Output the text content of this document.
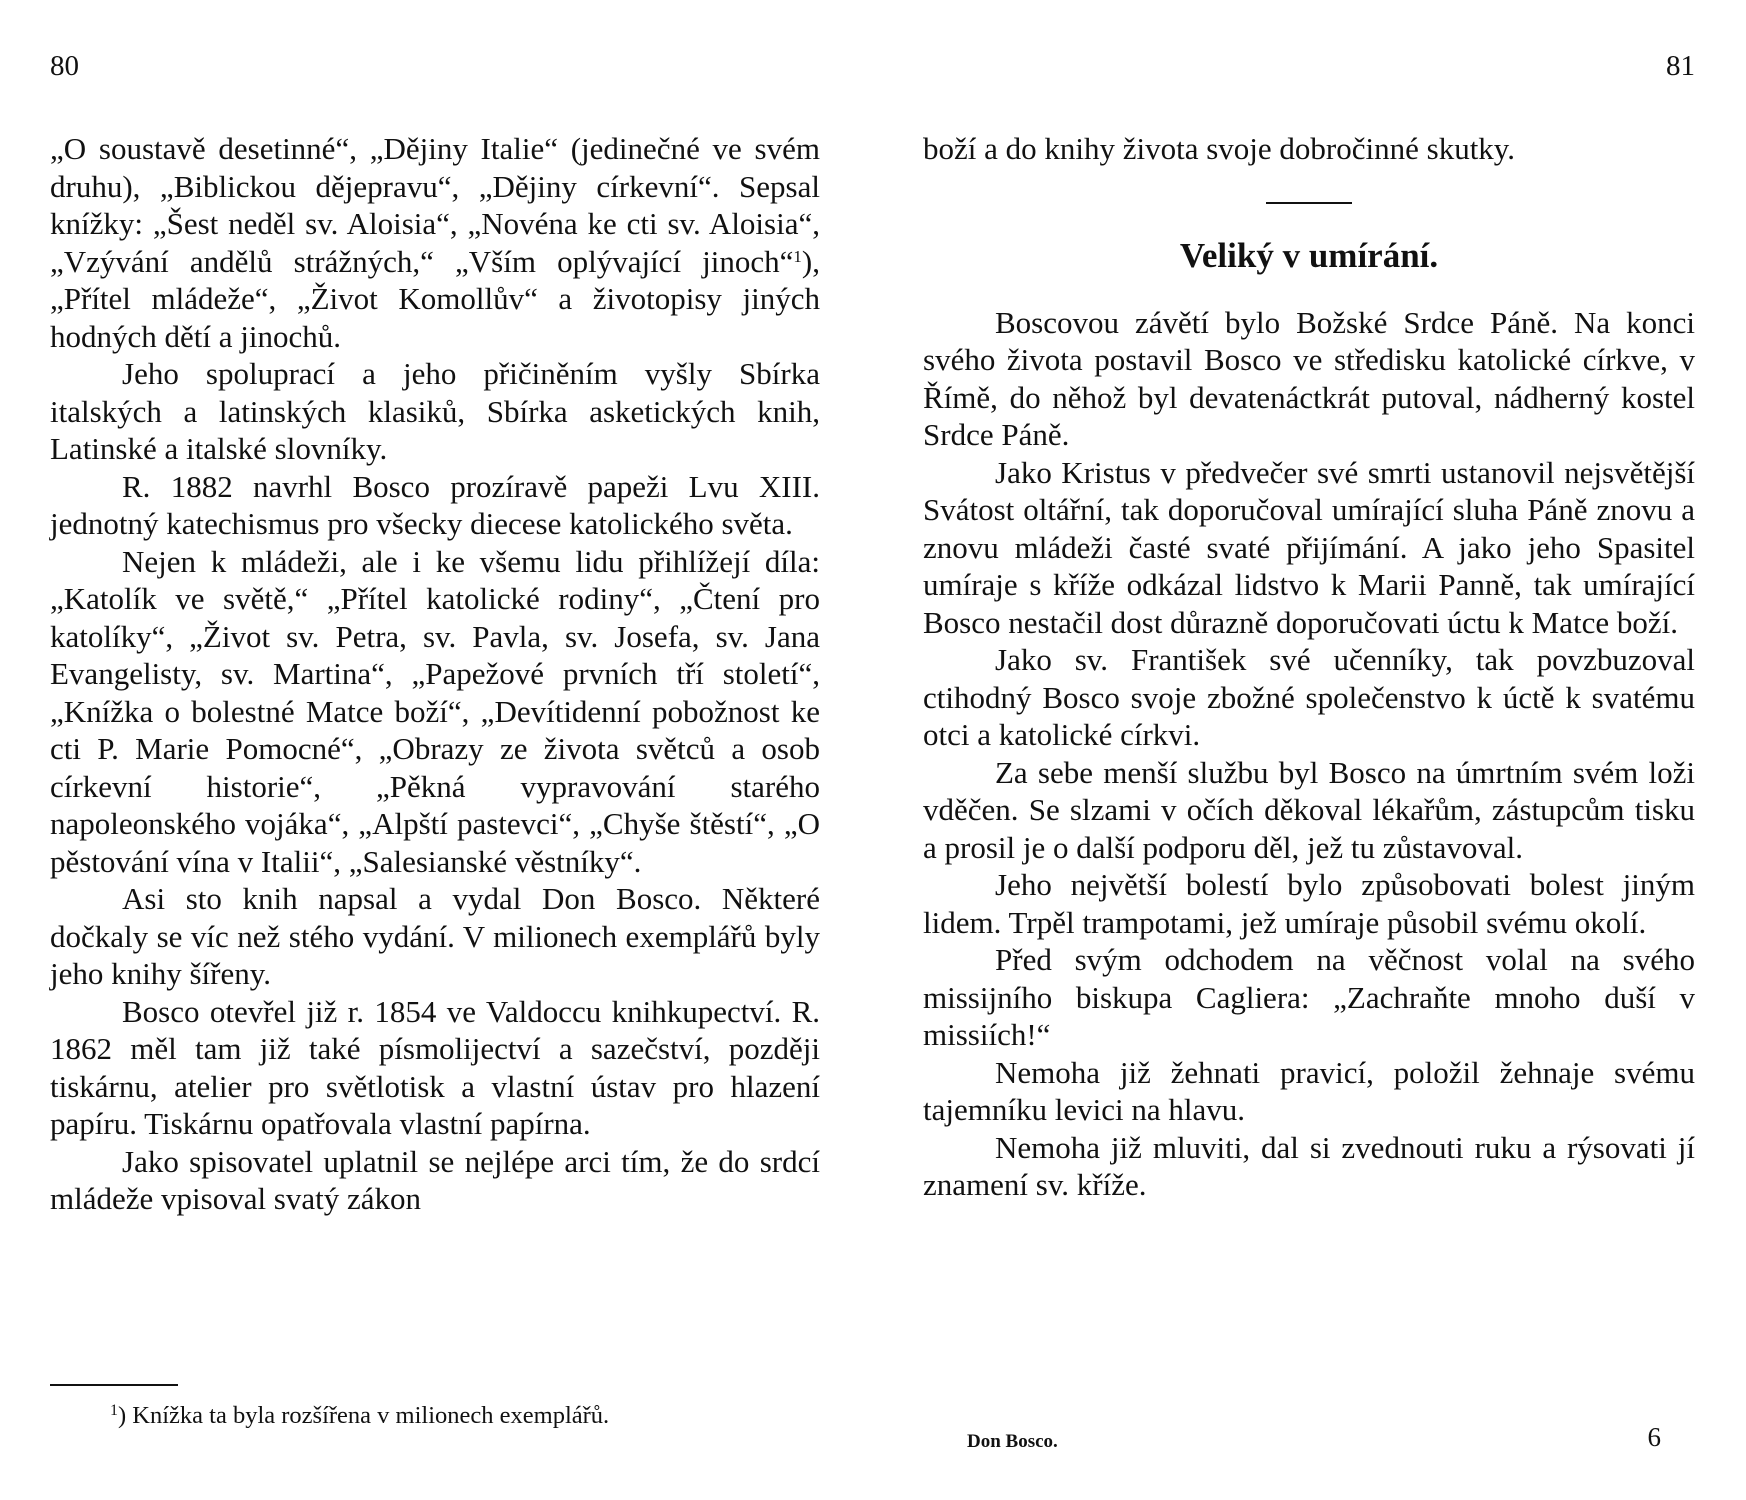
80

„O soustavě desetinné“, „Dějiny Italie“ (jedinečné ve svém druhu), „Biblickou dějepravu“, „Dějiny církevní“. Sepsal knížky: „Šest neděl sv. Aloisia“, „Novéna ke cti sv. Aloisia“, „Vzývání andělů strážných,“ „Vším oplývající jinoch“$^1$), „Přítel mládeže“, „Život Komollův“ a životopisy jiných hodných dětí a jinochů.

Jeho spoluprací a jeho přičiněním vyšly Sbírka italských a latinských klasiků, Sbírka asketických knih, Latinské a italské slovníky.

R. 1882 navrhl Bosco prozíravě papeži Lvu XIII. jednotný katechismus pro všecky diecese katolického světa.

Nejen k mládeži, ale i ke všemu lidu přihlížejí díla: „Katolík ve světě,“ „Přítel katolické rodiny“, „Čtení pro katolíky“, „Život sv. Petra, sv. Pavla, sv. Josefa, sv. Jana Evangelisty, sv. Martina“, „Papežové prvních tří století“, „Knížka o bolestné Matce boží“, „Devítidenní pobožnost ke cti P. Marie Pomocné“, „Obrazy ze života světců a osob církevní historie“, „Pěkná vypravování starého napoleonského vojáka“, „Alpští pastevci“, „Chyše štěstí“, „O pěstování vína v Italii“, „Salesianské věstníky“.

Asi sto knih napsal a vydal Don Bosco. Některé dočkaly se víc než stého vydání. V milionech exemplářů byly jeho knihy šířeny.

Bosco otevřel již r. 1854 ve Valdoccu knihkupectví. R. 1862 měl tam již také písmolijectví a sazečství, později tiskárnu, atelier pro světlotisk a vlastní ústav pro hlazení papíru. Tiskárnu opatřovala vlastní papírna.

Jako spisovatel uplatnil se nejlépe arci tím, že do srdcí mládeže vpisoval svatý zákon

$^1$) Knížka ta byla rozšířena v milionech exemplářů.
81

boží a do knihy života svoje dobročinné skutky.

Veliký v umírání.

Boscovou závětí bylo Božské Srdce Páně. Na konci svého života postavil Bosco ve středisku katolické církve, v Římě, do něhož byl devatenáctkrát putoval, nádherný kostel Srdce Páně.

Jako Kristus v předvečer své smrti ustanovil nejsvětější Svátost oltářní, tak doporučoval umírající sluha Páně znovu a znovu mládeži časté svaté přijímání. A jako jeho Spasitel umíraje s kříže odkázal lidstvo k Marii Panně, tak umírající Bosco nestačil dost důrazně doporučovati úctu k Matce boží.

Jako sv. František své učenníky, tak povzbuzoval ctihodný Bosco svoje zbožné společenstvo k úctě k svatému otci a katolické církvi.

Za sebe menší službu byl Bosco na úmrtním svém loži vděčen. Se slzami v očích děkoval lékařům, zástupcům tisku a prosil je o další podporu děl, jež tu zůstavoval.

Jeho největší bolestí bylo způsobovati bolest jiným lidem. Trpěl trampotami, jež umíraje působil svému okolí.

Před svým odchodem na věčnost volal na svého missijního biskupa Cagliera: „Zachraňte mnoho duší v missiích!“

Nemoha již žehnati pravicí, položil žehnaje svému tajemníku levici na hlavu.

Nemoha již mluviti, dal si zvednouti ruku a rýsovati jí znamení sv. kříže.

Don Bosco.	6
